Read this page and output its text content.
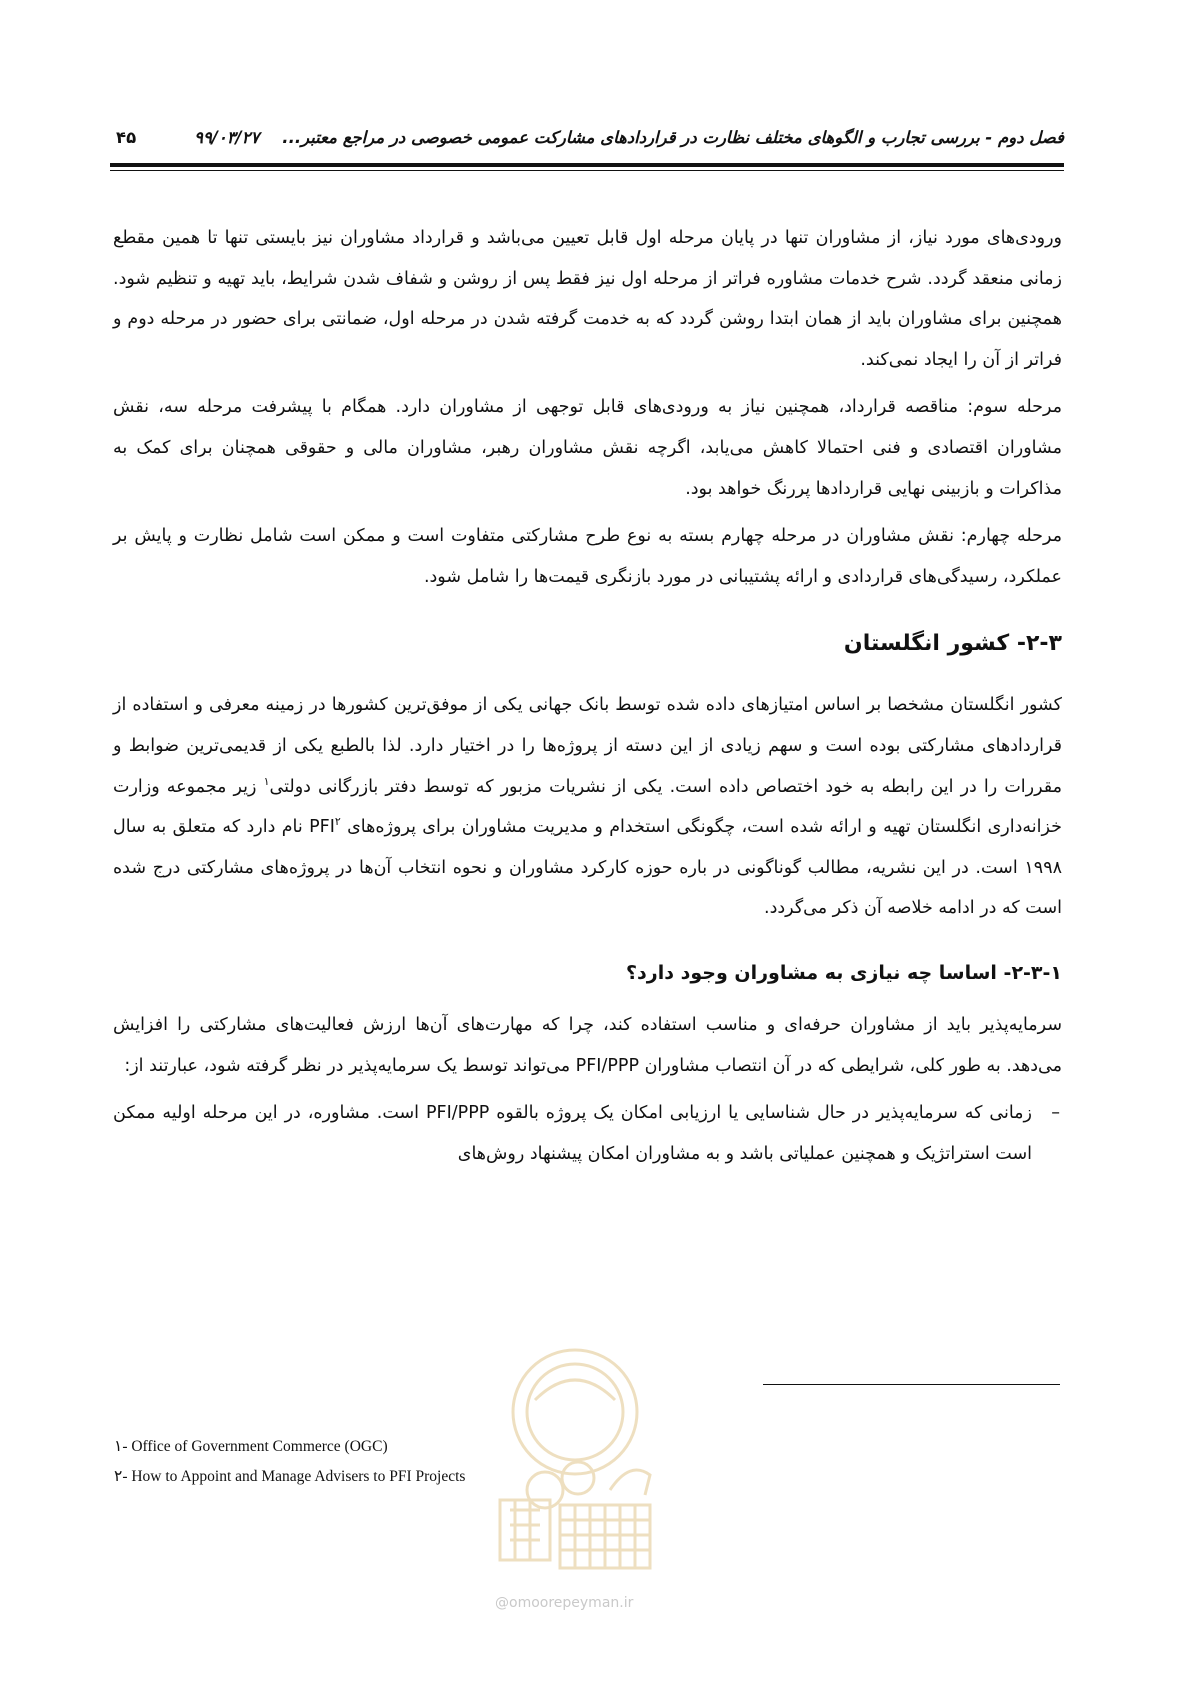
فصل دوم - بررسی تجارب و الگوهای مختلف نظارت در قراردادهای مشارکت عمومی خصوصی در مراجع معتبر...    ۹۹/۰۳/۲۷
۴۵

ورودی‌های مورد نیاز، از مشاوران تنها در پایان مرحله اول قابل تعیین می‌باشد و قرارداد مشاوران نیز بایستی تنها تا همین مقطع زمانی منعقد گردد. شرح خدمات مشاوره فراتر از مرحله اول نیز فقط پس از روشن و شفاف شدن شرایط، باید تهیه و تنظیم شود. همچنین برای مشاوران باید از همان ابتدا روشن گردد که به خدمت گرفته شدن در مرحله اول، ضمانتی برای حضور در مرحله دوم و فراتر از آن را ایجاد نمی‌کند.

مرحله سوم: مناقصه قرارداد، همچنین نیاز به ورودی‌های قابل توجهی از مشاوران دارد. همگام با پیشرفت مرحله سه، نقش مشاوران اقتصادی و فنی احتمالا کاهش می‌یابد، اگرچه نقش مشاوران رهبر، مشاوران مالی و حقوقی همچنان برای کمک به مذاکرات و بازبینی نهایی قراردادها پررنگ خواهد بود.

مرحله چهارم: نقش مشاوران در مرحله چهارم بسته به نوع طرح مشارکتی متفاوت است و ممکن است شامل نظارت و پایش بر عملکرد، رسیدگی‌های قراردادی و ارائه پشتیبانی در مورد بازنگری قیمت‌ها را شامل شود.

۲-۳- کشور انگلستان

کشور انگلستان مشخصا بر اساس امتیازهای داده شده توسط بانک جهانی یکی از موفق‌ترین کشورها در زمینه معرفی و استفاده از قراردادهای مشارکتی بوده است و سهم زیادی از این دسته از پروژه‌ها را در اختیار دارد. لذا بالطبع یکی از قدیمی‌ترین ضوابط و مقررات را در این رابطه به خود اختصاص داده است. یکی از نشریات مزبور که توسط دفتر بازرگانی دولتی$^۱$ زیر مجموعه وزارت خزانه‌داری انگلستان تهیه و ارائه شده است، چگونگی استخدام و مدیریت مشاوران برای پروژه‌های PFI$^۲$ نام دارد که متعلق به سال ۱۹۹۸ است. در این نشریه، مطالب گوناگونی در باره حوزه کارکرد مشاوران و نحوه انتخاب آن‌ها در پروژه‌های مشارکتی درج شده است که در ادامه خلاصه آن ذکر می‌گردد.

۲-۳-۱- اساسا چه نیازی به مشاوران وجود دارد؟

سرمایه‌پذیر باید از مشاوران حرفه‌ای و مناسب استفاده کند، چرا که مهارت‌های آن‌ها ارزش فعالیت‌های مشارکتی را افزایش می‌دهد. به طور کلی، شرایطی که در آن انتصاب مشاوران PFI/PPP می‌تواند توسط یک سرمایه‌پذیر در نظر گرفته شود، عبارتند از:

–
زمانی که سرمایه‌پذیر در حال شناسایی یا ارزیابی امکان یک پروژه بالقوه PFI/PPP است. مشاوره، در این مرحله اولیه ممکن است استراتژیک و همچنین عملیاتی باشد و به مشاوران امکان پیشنهاد روش‌های

۱- Office of Government Commerce (OGC)
۲- How to Appoint and Manage Advisers to PFI Projects
@omoorepeyman.ir
